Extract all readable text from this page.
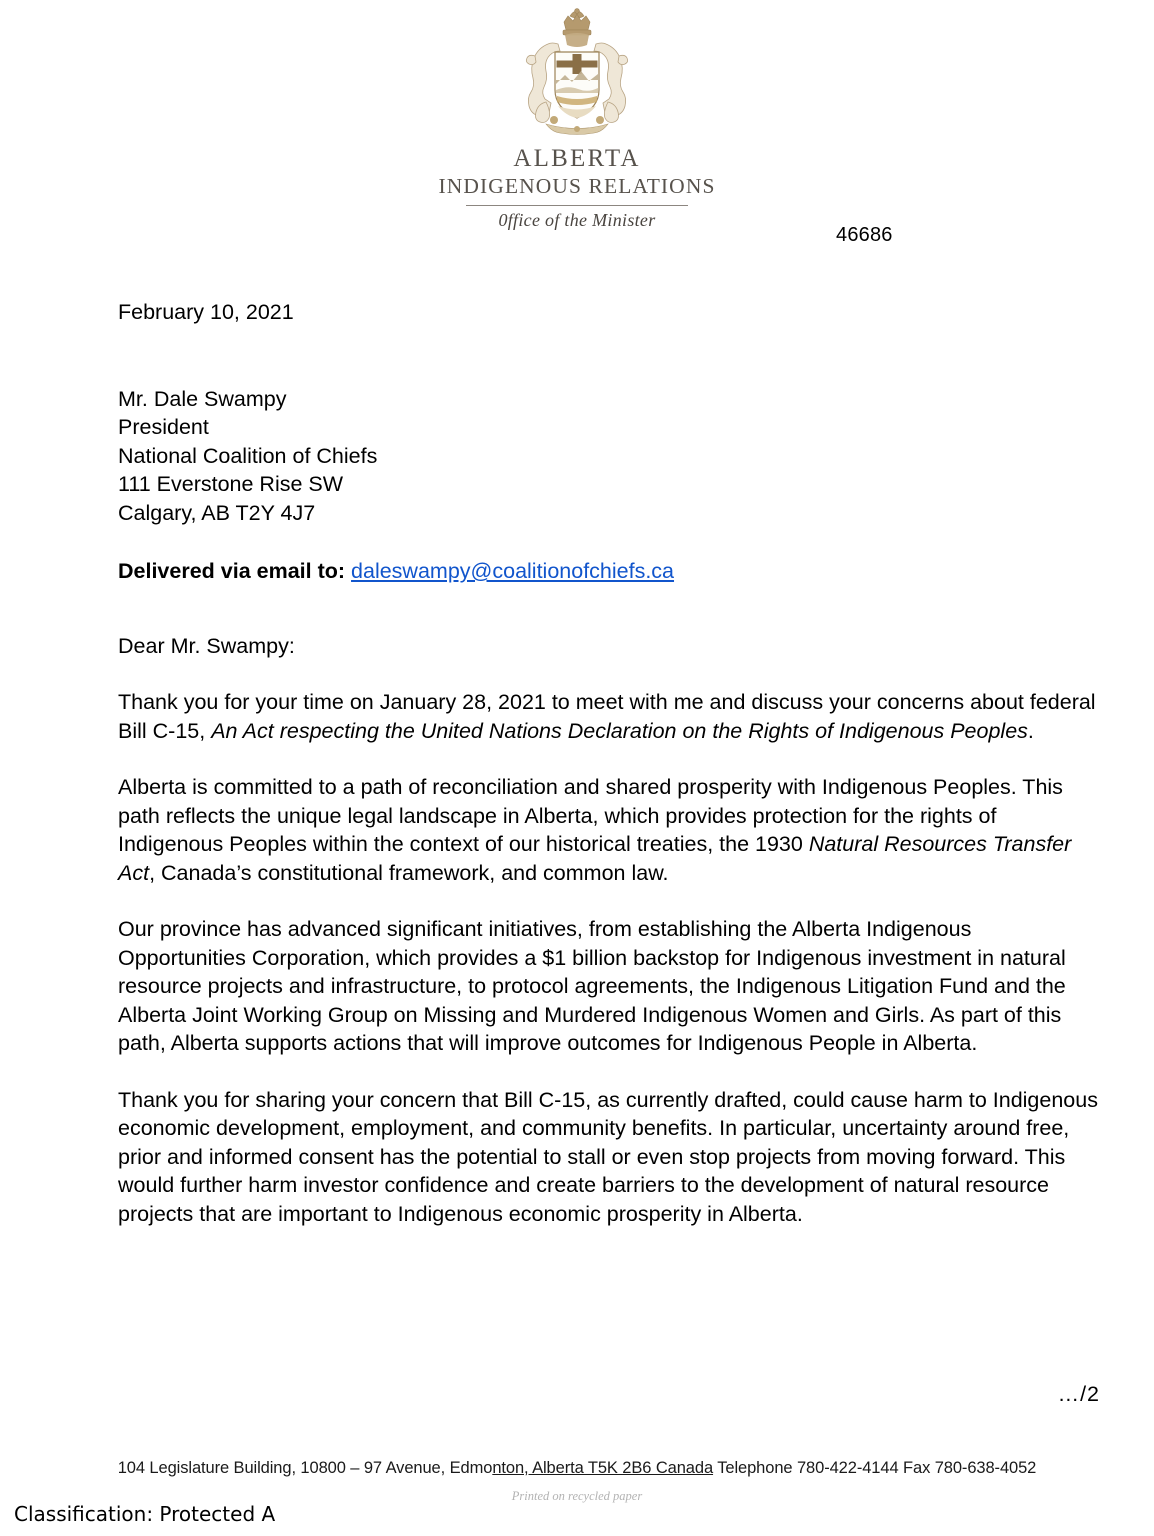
ALBERTA
INDIGENOUS RELATIONS
0ffice of the Minister
46686
February 10, 2021
Mr. Dale Swampy
President
National Coalition of Chiefs
111 Everstone Rise SW
Calgary, AB T2Y 4J7
Delivered via email to: daleswampy@coalitionofchiefs.ca
Dear Mr. Swampy:

Thank you for your time on January 28, 2021 to meet with me and discuss your concerns about federal Bill C-15, An Act respecting the United Nations Declaration on the Rights of Indigenous Peoples.

Alberta is committed to a path of reconciliation and shared prosperity with Indigenous Peoples. This path reflects the unique legal landscape in Alberta, which provides protection for the rights of Indigenous Peoples within the context of our historical treaties, the 1930 Natural Resources Transfer Act, Canada’s constitutional framework, and common law.

Our province has advanced significant initiatives, from establishing the Alberta Indigenous Opportunities Corporation, which provides a $1 billion backstop for Indigenous investment in natural resource projects and infrastructure, to protocol agreements, the Indigenous Litigation Fund and the Alberta Joint Working Group on Missing and Murdered Indigenous Women and Girls. As part of this path, Alberta supports actions that will improve outcomes for Indigenous People in Alberta.

Thank you for sharing your concern that Bill C-15, as currently drafted, could cause harm to Indigenous economic development, employment, and community benefits. In particular, uncertainty around free, prior and informed consent has the potential to stall or even stop projects from moving forward. This would further harm investor confidence and create barriers to the development of natural resource projects that are important to Indigenous economic prosperity in Alberta.

…/2
104 Legislature Building, 10800 – 97 Avenue, Edmonton, Alberta T5K 2B6 Canada Telephone 780-422-4144 Fax 780-638-4052
Printed on recycled paper
Classification: Protected A
